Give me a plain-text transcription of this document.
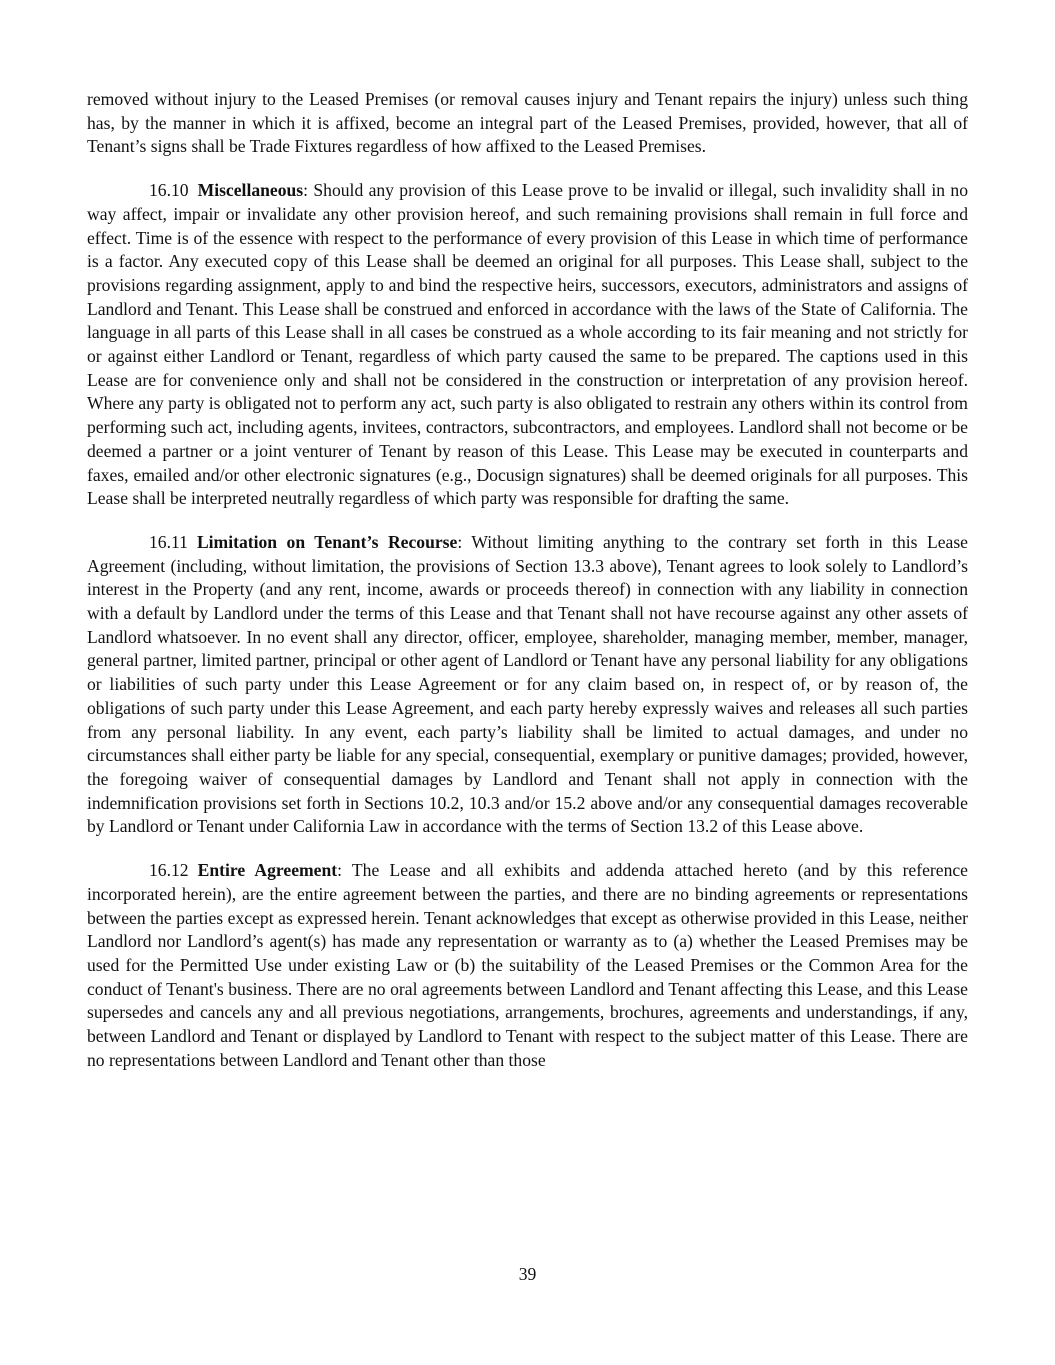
removed without injury to the Leased Premises (or removal causes injury and Tenant repairs the injury) unless such thing has, by the manner in which it is affixed, become an integral part of the Leased Premises, provided, however, that all of Tenant’s signs shall be Trade Fixtures regardless of how affixed to the Leased Premises.

16.10 Miscellaneous: Should any provision of this Lease prove to be invalid or illegal, such invalidity shall in no way affect, impair or invalidate any other provision hereof, and such remaining provisions shall remain in full force and effect. Time is of the essence with respect to the performance of every provision of this Lease in which time of performance is a factor. Any executed copy of this Lease shall be deemed an original for all purposes. This Lease shall, subject to the provisions regarding assignment, apply to and bind the respective heirs, successors, executors, administrators and assigns of Landlord and Tenant. This Lease shall be construed and enforced in accordance with the laws of the State of California. The language in all parts of this Lease shall in all cases be construed as a whole according to its fair meaning and not strictly for or against either Landlord or Tenant, regardless of which party caused the same to be prepared. The captions used in this Lease are for convenience only and shall not be considered in the construction or interpretation of any provision hereof. Where any party is obligated not to perform any act, such party is also obligated to restrain any others within its control from performing such act, including agents, invitees, contractors, subcontractors, and employees. Landlord shall not become or be deemed a partner or a joint venturer of Tenant by reason of this Lease. This Lease may be executed in counterparts and faxes, emailed and/or other electronic signatures (e.g., Docusign signatures) shall be deemed originals for all purposes. This Lease shall be interpreted neutrally regardless of which party was responsible for drafting the same.

16.11 Limitation on Tenant’s Recourse: Without limiting anything to the contrary set forth in this Lease Agreement (including, without limitation, the provisions of Section 13.3 above), Tenant agrees to look solely to Landlord’s interest in the Property (and any rent, income, awards or proceeds thereof) in connection with any liability in connection with a default by Landlord under the terms of this Lease and that Tenant shall not have recourse against any other assets of Landlord whatsoever. In no event shall any director, officer, employee, shareholder, managing member, member, manager, general partner, limited partner, principal or other agent of Landlord or Tenant have any personal liability for any obligations or liabilities of such party under this Lease Agreement or for any claim based on, in respect of, or by reason of, the obligations of such party under this Lease Agreement, and each party hereby expressly waives and releases all such parties from any personal liability. In any event, each party’s liability shall be limited to actual damages, and under no circumstances shall either party be liable for any special, consequential, exemplary or punitive damages; provided, however, the foregoing waiver of consequential damages by Landlord and Tenant shall not apply in connection with the indemnification provisions set forth in Sections 10.2, 10.3 and/or 15.2 above and/or any consequential damages recoverable by Landlord or Tenant under California Law in accordance with the terms of Section 13.2 of this Lease above.

16.12 Entire Agreement: The Lease and all exhibits and addenda attached hereto (and by this reference incorporated herein), are the entire agreement between the parties, and there are no binding agreements or representations between the parties except as expressed herein. Tenant acknowledges that except as otherwise provided in this Lease, neither Landlord nor Landlord’s agent(s) has made any representation or warranty as to (a) whether the Leased Premises may be used for the Permitted Use under existing Law or (b) the suitability of the Leased Premises or the Common Area for the conduct of Tenant's business. There are no oral agreements between Landlord and Tenant affecting this Lease, and this Lease supersedes and cancels any and all previous negotiations, arrangements, brochures, agreements and understandings, if any, between Landlord and Tenant or displayed by Landlord to Tenant with respect to the subject matter of this Lease. There are no representations between Landlord and Tenant other than those

39
